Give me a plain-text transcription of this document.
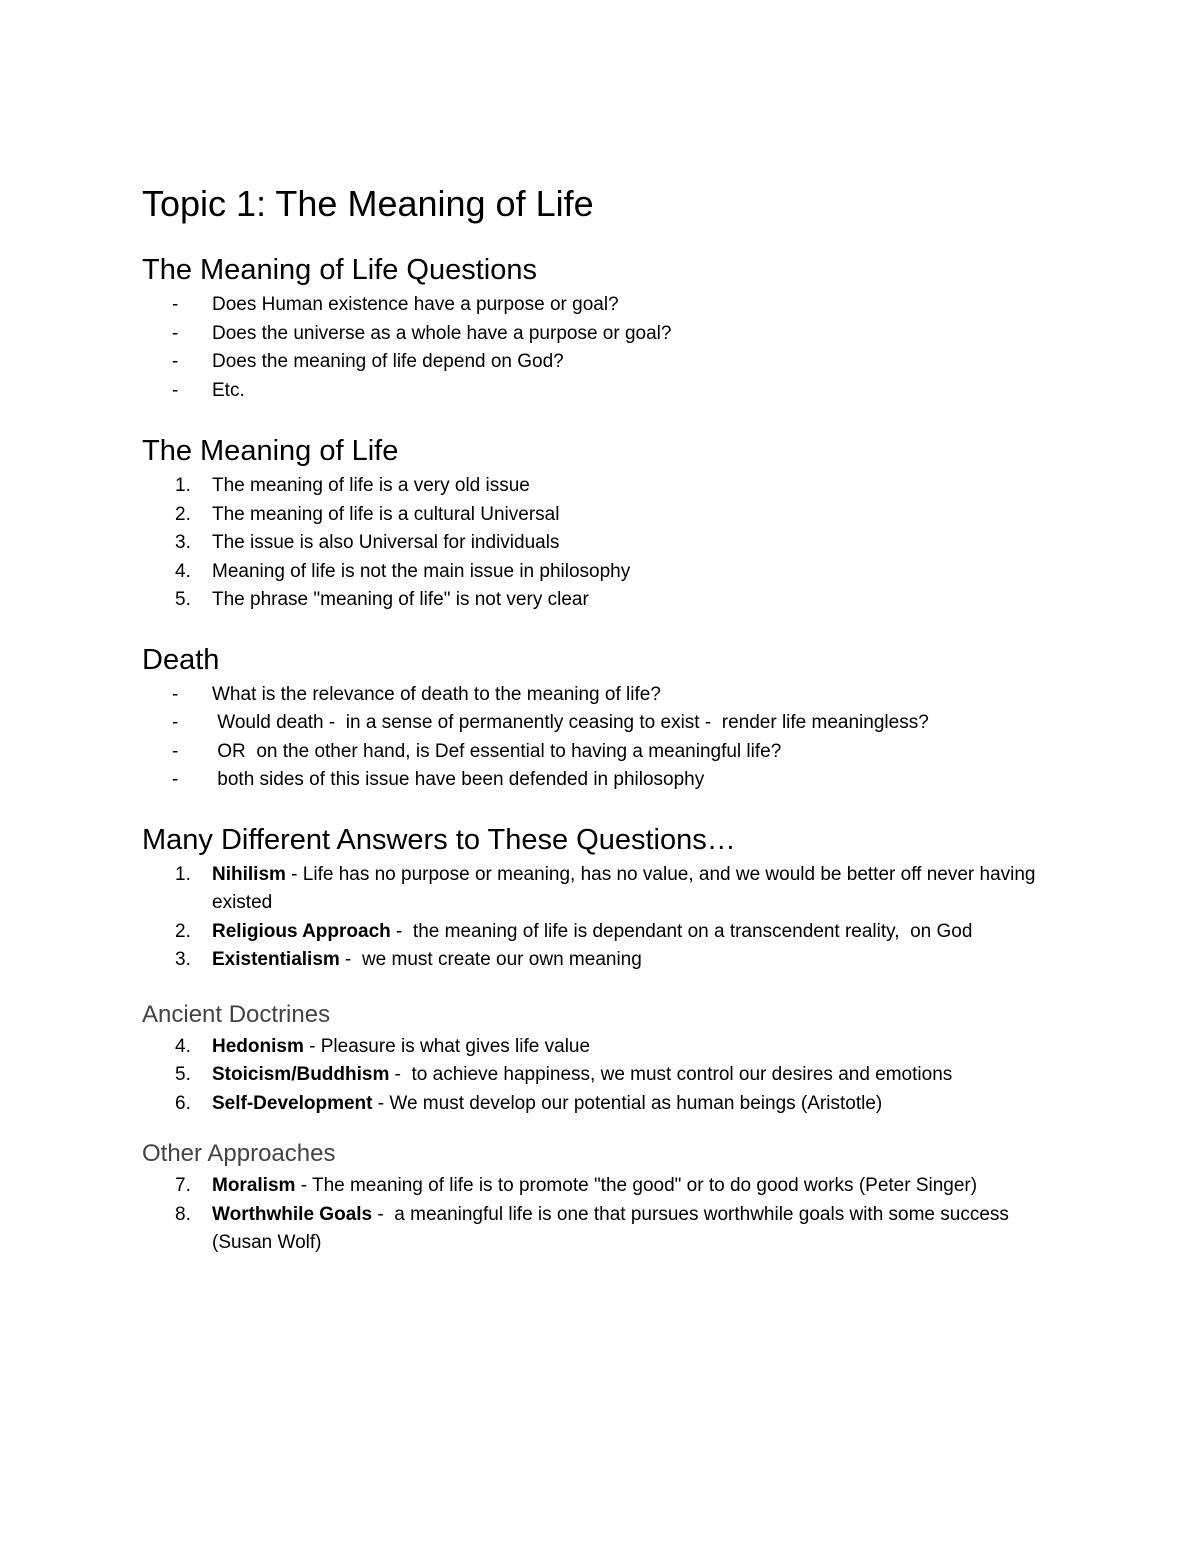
Topic 1: The Meaning of Life
The Meaning of Life Questions
-	Does Human existence have a purpose or goal?
-	Does the universe as a whole have a purpose or goal?
-	Does the meaning of life depend on God?
-	Etc.
The Meaning of Life
1.	The meaning of life is a very old issue
2.	The meaning of life is a cultural Universal
3.	The issue is also Universal for individuals
4.	Meaning of life is not the main issue in philosophy
5.	The phrase "meaning of life" is not very clear
Death
-	What is the relevance of death to the meaning of life?
-	Would death -  in a sense of permanently ceasing to exist -  render life meaningless?
-	OR  on the other hand, is Def essential to having a meaningful life?
-	both sides of this issue have been defended in philosophy
Many Different Answers to These Questions…
1.	Nihilism - Life has no purpose or meaning, has no value, and we would be better off never having existed
2.	Religious Approach -  the meaning of life is dependant on a transcendent reality,  on God
3.	Existentialism -  we must create our own meaning
Ancient Doctrines
4.	Hedonism - Pleasure is what gives life value
5.	Stoicism/Buddhism -  to achieve happiness, we must control our desires and emotions
6.	Self-Development - We must develop our potential as human beings (Aristotle)
Other Approaches
7.	Moralism - The meaning of life is to promote "the good" or to do good works (Peter Singer)
8.	Worthwhile Goals -  a meaningful life is one that pursues worthwhile goals with some success (Susan Wolf)
